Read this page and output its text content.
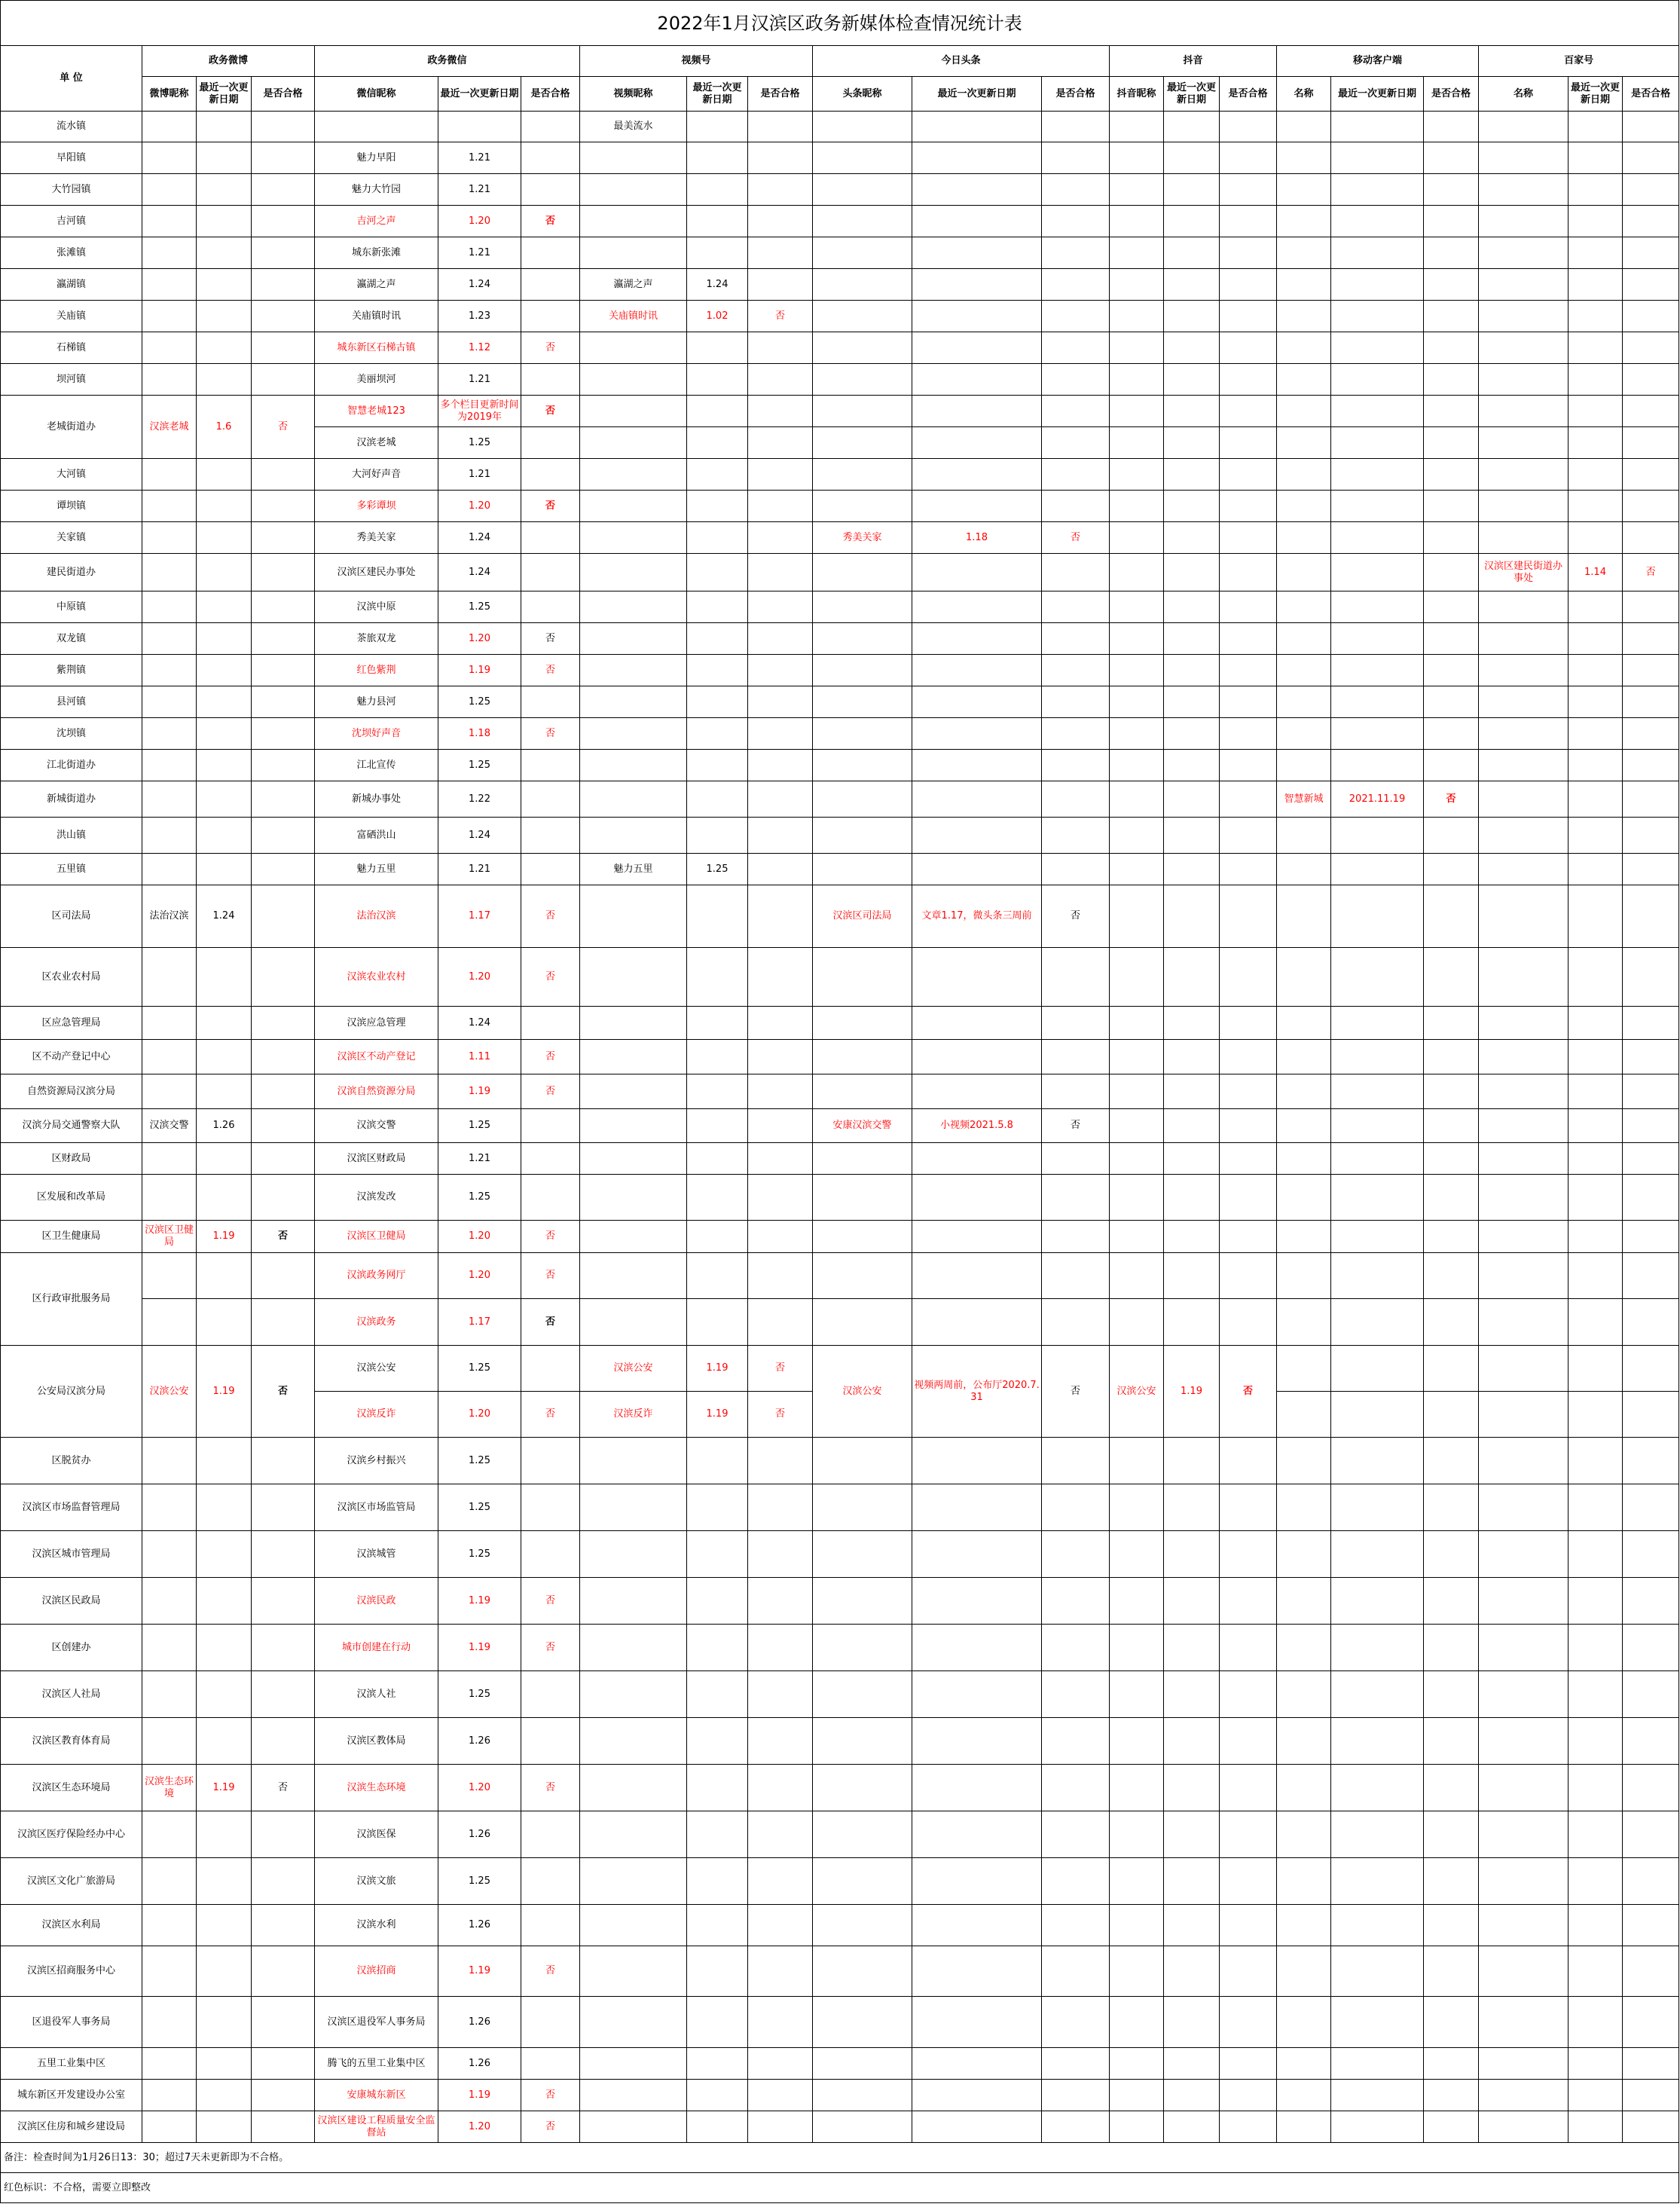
2022年1月汉滨区政务新媒体检查情况统计表																					
单 位	政务微博			政务微信			视频号			今日头条			抖音			移动客户端			百家号		
	微博昵称	最近一次更新日期	是否合格	微信昵称	最近一次更新日期	是否合格	视频昵称	最近一次更新日期	是否合格	头条昵称	最近一次更新日期	是否合格	抖音昵称	最近一次更新日期	是否合格	名称	最近一次更新日期	是否合格	名称	最近一次更新日期	是否合格
流水镇							最美流水														
早阳镇				魅力早阳	1.21																
大竹园镇				魅力大竹园	1.21																
吉河镇				吉河之声	1.20	否															
张滩镇				城东新张滩	1.21																
瀛湖镇				瀛湖之声	1.24		瀛湖之声	1.24													
关庙镇				关庙镇时讯	1.23		关庙镇时讯	1.02	否												
石梯镇				城东新区石梯古镇	1.12	否															
坝河镇				美丽坝河	1.21																
老城街道办	汉滨老城	1.6	否	智慧老城123	多个栏目更新时间为2019年	否															
				汉滨老城	1.25																
大河镇				大河好声音	1.21																
谭坝镇				多彩谭坝	1.20	否															
关家镇				秀美关家	1.24					秀美关家	1.18	否									
建民街道办				汉滨区建民办事处	1.24														汉滨区建民街道办事处	1.14	否
中原镇				汉滨中原	1.25																
双龙镇				茶旅双龙	1.20	否															
紫荆镇				红色紫荆	1.19	否															
县河镇				魅力县河	1.25																
沈坝镇				沈坝好声音	1.18	否															
江北街道办				江北宣传	1.25																
新城街道办				新城办事处	1.22											智慧新城	2021.11.19	否			
洪山镇				富硒洪山	1.24																
五里镇				魅力五里	1.21		魅力五里	1.25													
区司法局	法治汉滨	1.24		法治汉滨	1.17	否				汉滨区司法局	文章1.17，微头条三周前	否									
区农业农村局				汉滨农业农村	1.20	否															
区应急管理局				汉滨应急管理	1.24																
区不动产登记中心				汉滨区不动产登记	1.11	否															
自然资源局汉滨分局				汉滨自然资源分局	1.19	否															
汉滨分局交通警察大队	汉滨交警	1.26		汉滨交警	1.25					安康汉滨交警	小视频2021.5.8	否									
区财政局				汉滨区财政局	1.21																
区发展和改革局				汉滨发改	1.25																
区卫生健康局	汉滨区卫健局	1.19	否	汉滨区卫健局	1.20	否															
区行政审批服务局				汉滨政务网厅	1.20	否															
				汉滨政务	1.17	否															
公安局汉滨分局	汉滨公安	1.19	否	汉滨公安	1.25		汉滨公安	1.19	否	汉滨公安	视频两周前，公布厅2020.7.31	否	汉滨公安	1.19	否						
				汉滨反诈	1.20	否	汉滨反诈	1.19	否												
区脱贫办				汉滨乡村振兴	1.25																
汉滨区市场监督管理局				汉滨区市场监管局	1.25																
汉滨区城市管理局				汉滨城管	1.25																
汉滨区民政局				汉滨民政	1.19	否															
区创建办				城市创建在行动	1.19	否															
汉滨区人社局				汉滨人社	1.25																
汉滨区教育体育局				汉滨区教体局	1.26																
汉滨区生态环境局	汉滨生态环境	1.19	否	汉滨生态环境	1.20	否															
汉滨区医疗保险经办中心				汉滨医保	1.26																
汉滨区文化广旅游局				汉滨文旅	1.25																
汉滨区水利局				汉滨水利	1.26																
汉滨区招商服务中心				汉滨招商	1.19	否															
区退役军人事务局				汉滨区退役军人事务局	1.26																
五里工业集中区				腾飞的五里工业集中区	1.26																
城东新区开发建设办公室				安康城东新区	1.19	否															
汉滨区住房和城乡建设局				汉滨区建设工程质量安全监督站	1.20	否															
备注：检查时间为1月26日13：30；超过7天未更新即为不合格。																					
红色标识：不合格，需要立即整改																					
